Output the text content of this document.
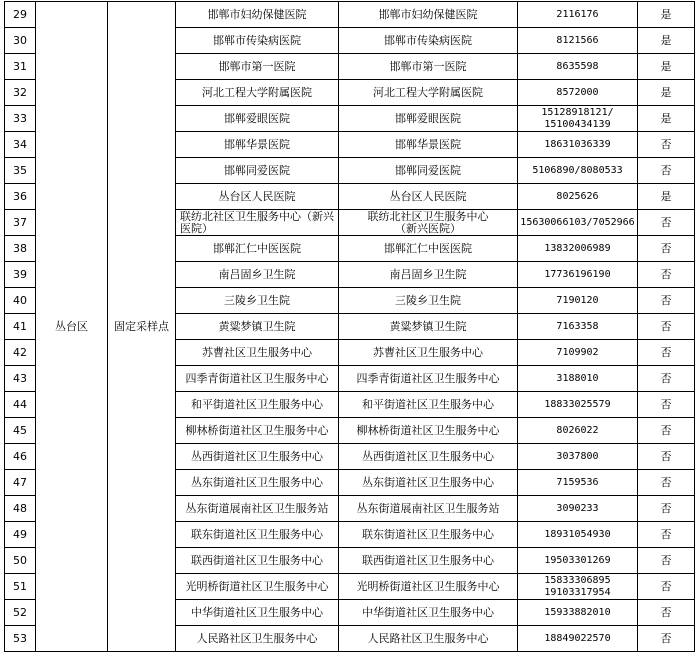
29	丛台区	固定采样点	邯郸市妇幼保健医院	邯郸市妇幼保健医院	2116176	是
30			邯郸市传染病医院	邯郸市传染病医院	8121566	是
31			邯郸市第一医院	邯郸市第一医院	8635598	是
32			河北工程大学附属医院	河北工程大学附属医院	8572000	是
33			邯郸爱眼医院	邯郸爱眼医院	15128918121/
15100434139	是
34			邯郸华景医院	邯郸华景医院	18631036339	否
35			邯郸同爱医院	邯郸同爱医院	5106890/8080533	否
36			丛台区人民医院	丛台区人民医院	8025626	是
37			联纺北社区卫生服务中心（新兴医院）	联纺北社区卫生服务中心
（新兴医院）	15630066103/7052966	否
38			邯郸汇仁中医医院	邯郸汇仁中医医院	13832006989	否
39			南吕固乡卫生院	南吕固乡卫生院	17736196190	否
40			三陵乡卫生院	三陵乡卫生院	7190120	否
41			黄粱梦镇卫生院	黄粱梦镇卫生院	7163358	否
42			苏曹社区卫生服务中心	苏曹社区卫生服务中心	7109902	否
43			四季青街道社区卫生服务中心	四季青街道社区卫生服务中心	3188010	否
44			和平街道社区卫生服务中心	和平街道社区卫生服务中心	18833025579	否
45			柳林桥街道社区卫生服务中心	柳林桥街道社区卫生服务中心	8026022	否
46			丛西街道社区卫生服务中心	丛西街道社区卫生服务中心	3037800	否
47			丛东街道社区卫生服务中心	丛东街道社区卫生服务中心	7159536	否
48			丛东街道展南社区卫生服务站	丛东街道展南社区卫生服务站	3090233	否
49			联东街道社区卫生服务中心	联东街道社区卫生服务中心	18931054930	否
50			联西街道社区卫生服务中心	联西街道社区卫生服务中心	19503301269	否
51			光明桥街道社区卫生服务中心	光明桥街道社区卫生服务中心	15833306895
19103317954	否
52			中华街道社区卫生服务中心	中华街道社区卫生服务中心	15933882010	否
53			人民路社区卫生服务中心	人民路社区卫生服务中心	18849022570	否
